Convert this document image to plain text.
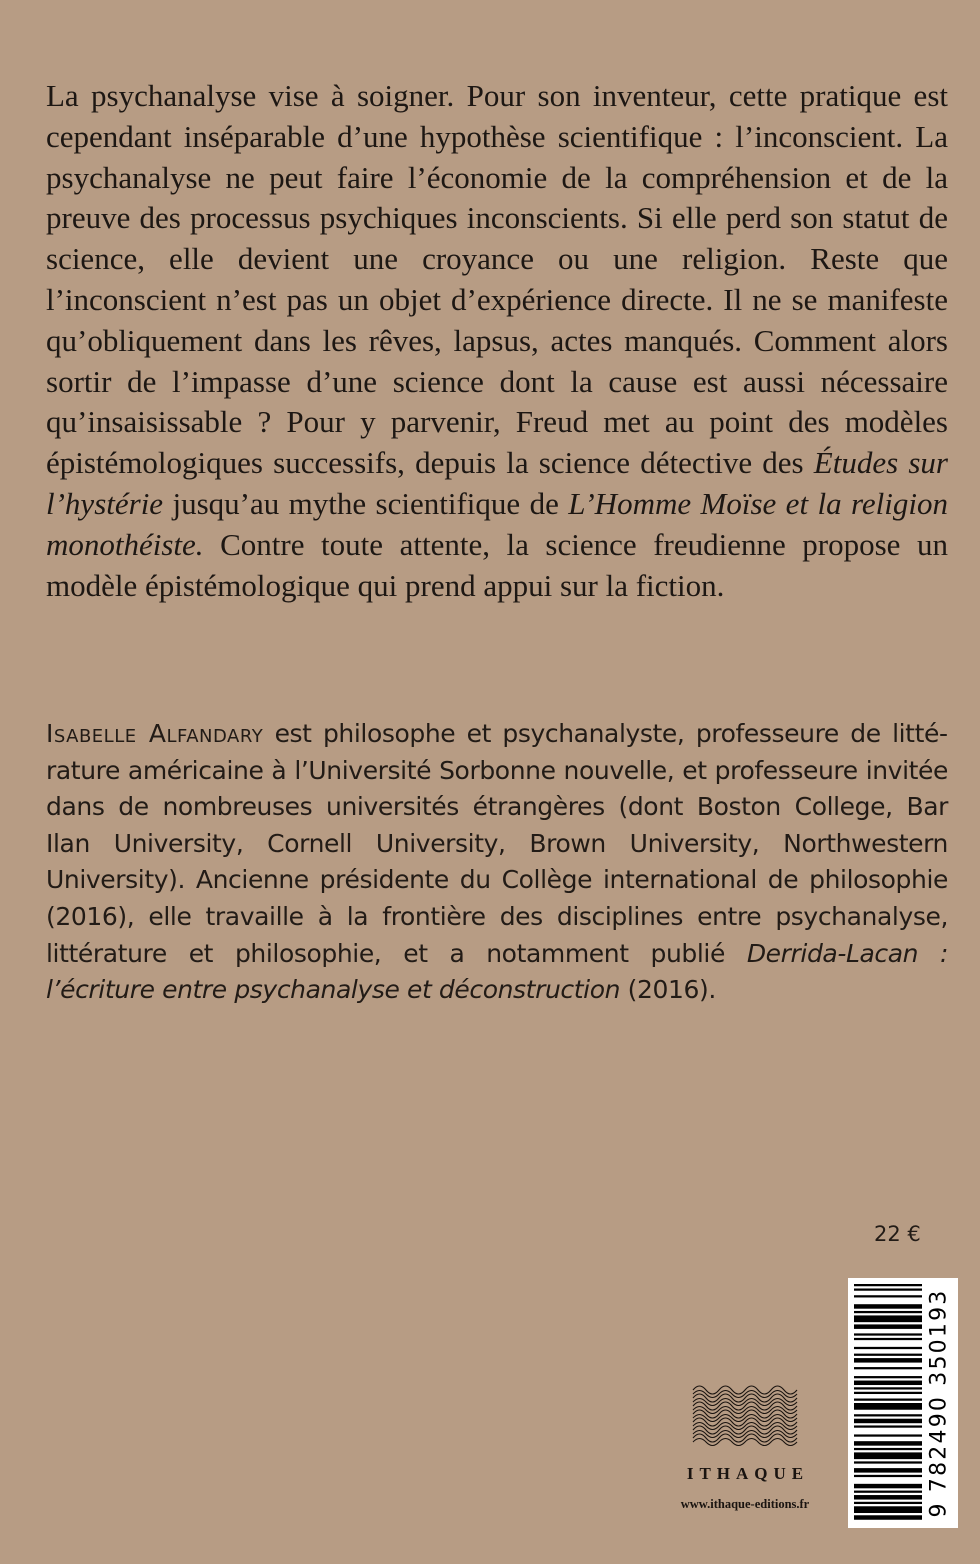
La psychanalyse vise à soigner. Pour son inventeur, cette pratique est cependant inséparable d’une hypothèse scientifique : l’inconscient. La psychanalyse ne peut faire l’économie de la compréhension et de la preuve des processus psychiques inconscients. Si elle perd son statut de science, elle devient une croyance ou une religion. Reste que l’inconscient n’est pas un objet d’expérience directe. Il ne se manifeste qu’obliquement dans les rêves, lapsus, actes manqués. Comment alors sortir de l’impasse d’une science dont la cause est aussi nécessaire qu’insaisissable ? Pour y parvenir, Freud met au point des modèles épistémologiques successifs, depuis la science détective des Études sur l’hystérie jusqu’au mythe scientifique de L’Homme Moïse et la religion monothéiste. Contre toute attente, la science freudienne propose un modèle épistémologique qui prend appui sur la fiction.

Isabelle Alfandary est philosophe et psychanalyste, professeure de littérature américaine à l’Université Sorbonne nouvelle, et professeure invitée dans de nombreuses universités étrangères (dont Boston College, Bar Ilan University, Cornell University, Brown University, Northwestern University). Ancienne présidente du Collège international de philosophie (2016), elle travaille à la frontière des disciplines entre psychanalyse, littérature et philosophie, et a notamment publié Derrida-Lacan : l’écriture entre psychanalyse et déconstruction (2016).

22 €
ITHAQUE
www.ithaque-editions.fr	9 782490 350193
